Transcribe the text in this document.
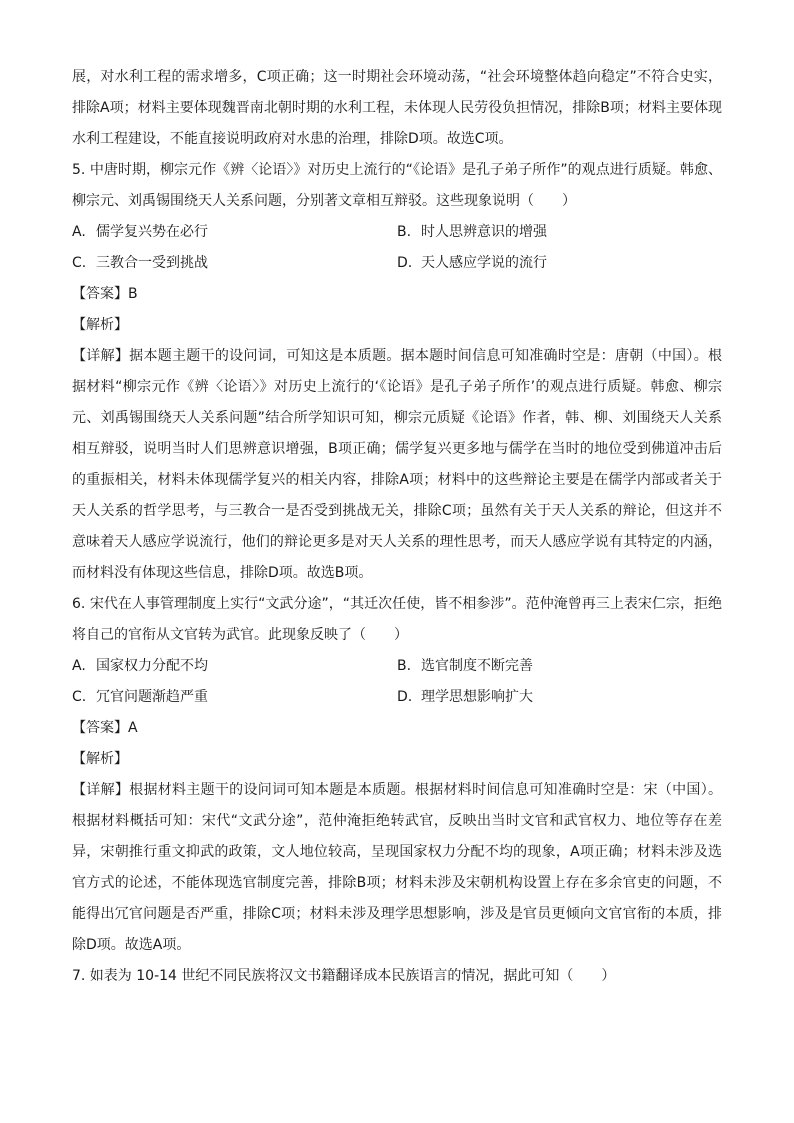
展，对水利工程的需求增多，C项正确；这一时期社会环境动荡，“社会环境整体趋向稳定”不符合史实，排除A项；材料主要体现魏晋南北朝时期的水利工程，未体现人民劳役负担情况，排除B项；材料主要体现水利工程建设，不能直接说明政府对水患的治理，排除D项。故选C项。

5. 中唐时期，柳宗元作《辨〈论语〉》对历史上流行的“《论语》是孔子弟子所作”的观点进行质疑。韩愈、柳宗元、刘禹锡围绕天人关系问题，分别著文章相互辩驳。这些现象说明（　　）

A. 儒学复兴势在必行	B. 时人思辨意识的增强
C. 三教合一受到挑战	D. 天人感应学说的流行

【答案】B

【解析】

【详解】据本题主题干的设问词，可知这是本质题。据本题时间信息可知准确时空是：唐朝（中国）。根据材料“柳宗元作《辨〈论语〉》对历史上流行的‘《论语》是孔子弟子所作’的观点进行质疑。韩愈、柳宗元、刘禹锡围绕天人关系问题”结合所学知识可知，柳宗元质疑《论语》作者，韩、柳、刘围绕天人关系相互辩驳，说明当时人们思辨意识增强，B项正确；儒学复兴更多地与儒学在当时的地位受到佛道冲击后的重振相关，材料未体现儒学复兴的相关内容，排除A项；材料中的这些辩论主要是在儒学内部或者关于天人关系的哲学思考，与三教合一是否受到挑战无关，排除C项；虽然有关于天人关系的辩论，但这并不意味着天人感应学说流行，他们的辩论更多是对天人关系的理性思考，而天人感应学说有其特定的内涵，而材料没有体现这些信息，排除D项。故选B项。

6. 宋代在人事管理制度上实行“文武分途”，“其迁次任使，皆不相参涉”。范仲淹曾再三上表宋仁宗，拒绝将自己的官衔从文官转为武官。此现象反映了（　　）

A. 国家权力分配不均	B. 选官制度不断完善
C. 冗官问题渐趋严重	D. 理学思想影响扩大

【答案】A

【解析】

【详解】根据材料主题干的设问词可知本题是本质题。根据材料时间信息可知准确时空是：宋（中国）。根据材料概括可知：宋代“文武分途”，范仲淹拒绝转武官，反映出当时文官和武官权力、地位等存在差异，宋朝推行重文抑武的政策，文人地位较高，呈现国家权力分配不均的现象，A项正确；材料未涉及选官方式的论述，不能体现选官制度完善，排除B项；材料未涉及宋朝机构设置上存在多余官吏的问题，不能得出冗官问题是否严重，排除C项；材料未涉及理学思想影响，涉及是官员更倾向文官官衔的本质，排除D项。故选A项。

7. 如表为 10-14 世纪不同民族将汉文书籍翻译成本民族语言的情况，据此可知（　　）
